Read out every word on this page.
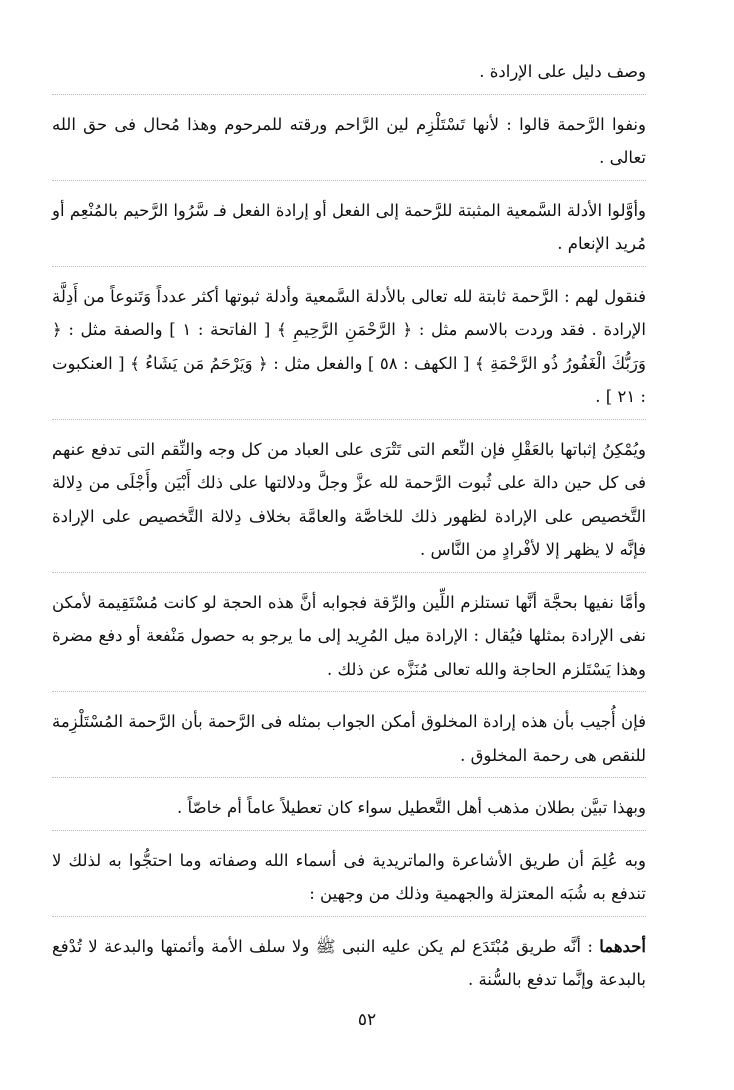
وصف دليل على الإرادة .

ونفوا الرَّحمة قالوا : لأنها تَسْتَلْزِم لين الرَّاحم ورقته للمرحوم وهذا مُحال فى حق الله تعالى .

وأوَّلوا الأدلة السَّمعية المثبتة للرَّحمة إلى الفعل أو إرادة الفعل فـ سَّرُوا الرَّحيم بالمُنْعِم أو مُريد الإنعام .

فنقول لهم : الرَّحمة ثابتة لله تعالى بالأدلة السَّمعية وأدلة ثبوتها أكثر عدداً وَتَنوعاً من أَدِلَّة الإرادة . فقد وردت بالاسم مثل : ﴿ الرَّحْمَنِ الرَّحِيمِ ﴾ [ الفاتحة : ١ ] والصفة مثل : ﴿ وَرَبُّكَ الْغَفُورُ ذُو الرَّحْمَةِ ﴾ [ الكهف : ٥٨ ] والفعل مثل : ﴿ وَيَرْحَمُ مَن يَشَاءُ ﴾ [ العنكبوت : ٢١ ] .

ويُمْكِنُ إثباتها بالعَقْلِ فإن النِّعم التى تَتْرَى على العباد من كل وجه والنِّقم التى تدفع عنهم فى كل حين دالة على ثُبوت الرَّحمة لله عزَّ وجلَّ ودلالتها على ذلك أَبْيَن وأَجْلَى من دِلالة التَّخصيص على الإرادة لظهور ذلك للخاصَّة والعامَّة بخلاف دِلالة التَّخصيص على الإرادة فإنَّه لا يظهر إلا لأفْرادٍ من النَّاس .

وأمَّا نفيها بحجَّة أنَّها تستلزم اللِّين والرِّقة فجوابه أنَّ هذه الحجة لو كانت مُسْتَقِيمة لأمكن نفى الإرادة بمثلها فيُقال : الإرادة ميل المُرِيد إلى ما يرجو به حصول مَنْفعة أو دفع مضرة وهذا يَسْتَلزم الحاجة والله تعالى مُنَزَّه عن ذلك .

فإن أُجيب بأن هذه إرادة المخلوق أمكن الجواب بمثله فى الرَّحمة بأن الرَّحمة المُسْتَلْزِمة للنقص هى رحمة المخلوق .

وبهذا تبيَّن بطلان مذهب أهل التَّعطيل سواء كان تعطيلاً عاماً أم خاصّاً .

وبه عُلِمَ أن طريق الأشاعرة والماتريدية فى أسماء الله وصفاته وما احتجُّوا به لذلك لا تندفع به شُبَه المعتزلة والجهمية وذلك من وجهين :

أحدهما : أنَّه طريق مُبْتَدَع لم يكن عليه النبى ﷺ ولا سلف الأمة وأئمتها والبدعة لا تُدْفع بالبدعة وإنَّما تدفع بالسُّنة .

٥٢
